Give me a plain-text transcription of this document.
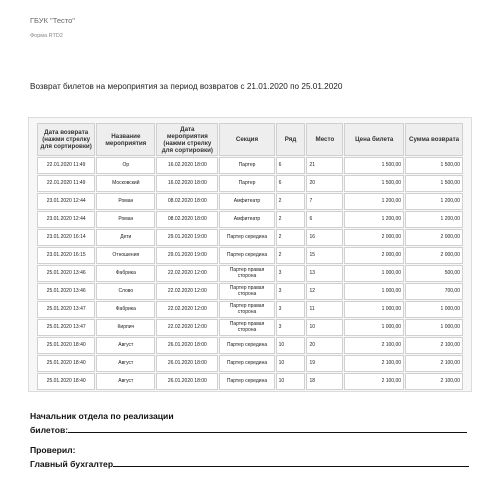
ГБУК "Тесто"
Форма RTD2
Возврат билетов на мероприятия за период возвратов с 21.01.2020 по 25.01.2020
Дата возврата (нажми стрелку для сортировки)	Название мероприятия	Дата мероприятия (нажми стрелку для сортировки)	Секция	Ряд	Место	Цена билета	Сумма возврата
22.01.2020 11:49	Ор	16.02.2020 18:00	Партер	6	21	1 500,00	1 500,00
22.01.2020 11:49	Московский	16.02.2020 18:00	Партер	6	20	1 500,00	1 500,00
23.01.2020 12:44	Роман	08.02.2020 18:00	Амфитеатр	2	7	1 200,00	1 200,00
23.01.2020 12:44	Роман	08.02.2020 18:00	Амфитеатр	2	6	1 200,00	1 200,00
23.01.2020 16:14	Дети	29.01.2020 19:00	Партер середина	2	16	2 000,00	2 000,00
23.01.2020 16:15	Отношения	29.01.2020 19:00	Партер середина	2	15	2 000,00	2 000,00
25.01.2020 13:46	Фабрика	22.02.2020 12:00	Партер правая сторона	3	13	1 000,00	500,00
25.01.2020 13:46	Слово	22.02.2020 12:00	Партер правая сторона	3	12	1 000,00	700,00
25.01.2020 13:47	Фабрика	22.02.2020 12:00	Партер правая сторона	3	11	1 000,00	1 000,00
25.01.2020 13:47	Кирпич	22.02.2020 12:00	Партер правая сторона	3	10	1 000,00	1 000,00
25.01.2020 18:40	Август	26.01.2020 18:00	Партер середина	10	20	2 100,00	2 100,00
25.01.2020 18:40	Август	26.01.2020 18:00	Партер середина	10	19	2 100,00	2 100,00
25.01.2020 18:40	Август	26.01.2020 18:00	Партер середина	10	18	2 100,00	2 100,00
Начальник отдела по реализации
билетов:
Проверил:
Главный бухгалтер
